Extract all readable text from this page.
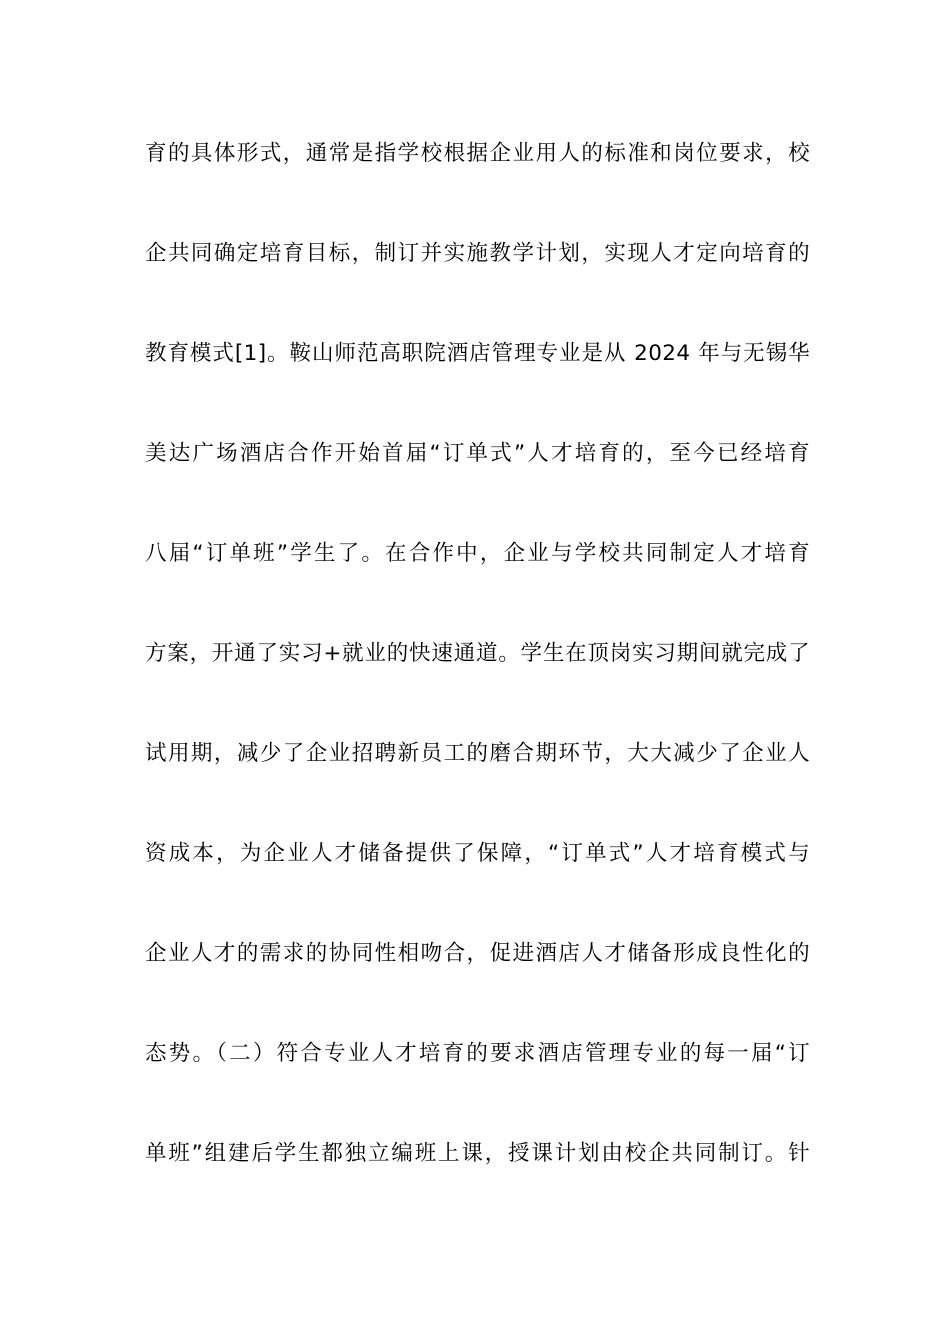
育的具体形式，通常是指学校根据企业用人的标准和岗位要求，校
企共同确定培育目标，制订并实施教学计划，实现人才定向培育的
教育模式[1]。鞍山师范高职院酒店管理专业是从 2024 年与无锡华
美达广场酒店合作开始首届“订单式”人才培育的，至今已经培育
八届“订单班”学生了。在合作中，企业与学校共同制定人才培育
方案，开通了实习+就业的快速通道。学生在顶岗实习期间就完成了
试用期，减少了企业招聘新员工的磨合期环节，大大减少了企业人
资成本，为企业人才储备提供了保障，“订单式”人才培育模式与
企业人才的需求的协同性相吻合，促进酒店人才储备形成良性化的
态势。（二）符合专业人才培育的要求酒店管理专业的每一届“订
单班”组建后学生都独立编班上课，授课计划由校企共同制订。针
